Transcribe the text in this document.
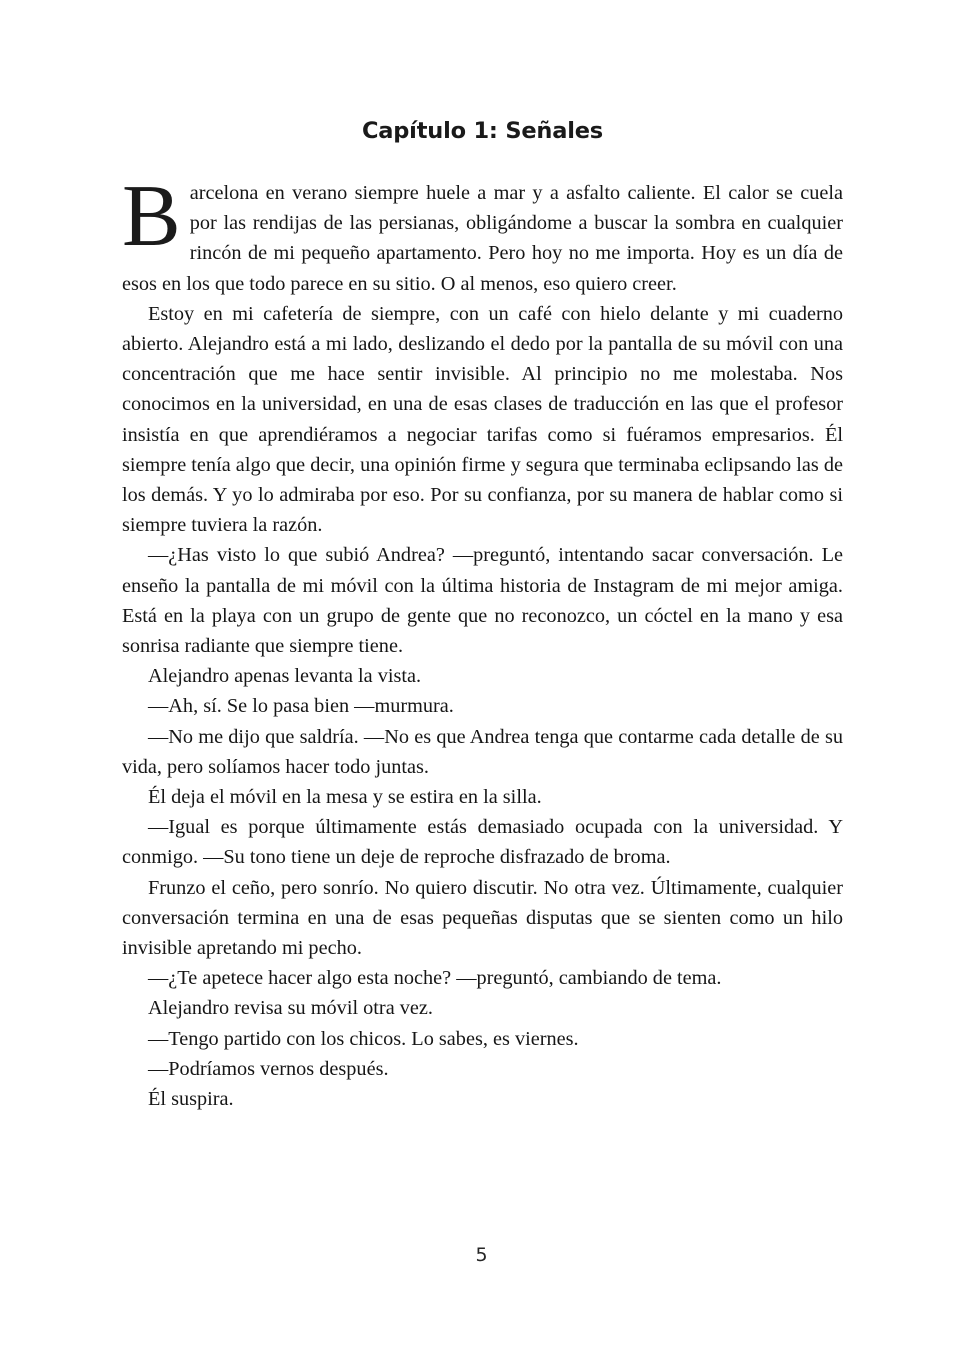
Capítulo 1: Señales

Barcelona en verano siempre huele a mar y a asfalto caliente. El calor se cuela por las rendijas de las persianas, obligándome a buscar la sombra en cualquier rincón de mi pequeño apartamento. Pero hoy no me importa. Hoy es un día de esos en los que todo parece en su sitio. O al menos, eso quiero creer.

Estoy en mi cafetería de siempre, con un café con hielo delante y mi cuaderno abierto. Alejandro está a mi lado, deslizando el dedo por la pantalla de su móvil con una concentración que me hace sentir invisible. Al principio no me molestaba. Nos conocimos en la universidad, en una de esas clases de traducción en las que el profesor insistía en que aprendiéramos a negociar tarifas como si fuéramos empresarios. Él siempre tenía algo que decir, una opinión firme y segura que terminaba eclipsando las de los demás. Y yo lo admiraba por eso. Por su confianza, por su manera de hablar como si siempre tuviera la razón.

—¿Has visto lo que subió Andrea? —preguntó, intentando sacar conversación. Le enseño la pantalla de mi móvil con la última historia de Instagram de mi mejor amiga. Está en la playa con un grupo de gente que no reconozco, un cóctel en la mano y esa sonrisa radiante que siempre tiene.

Alejandro apenas levanta la vista.

—Ah, sí. Se lo pasa bien —murmura.

—No me dijo que saldría. —No es que Andrea tenga que contarme cada detalle de su vida, pero solíamos hacer todo juntas.

Él deja el móvil en la mesa y se estira en la silla.

—Igual es porque últimamente estás demasiado ocupada con la universidad. Y conmigo. —Su tono tiene un deje de reproche disfrazado de broma.

Frunzo el ceño, pero sonrío. No quiero discutir. No otra vez. Últimamente, cualquier conversación termina en una de esas pequeñas disputas que se sienten como un hilo invisible apretando mi pecho.

—¿Te apetece hacer algo esta noche? —preguntó, cambiando de tema.

Alejandro revisa su móvil otra vez.

—Tengo partido con los chicos. Lo sabes, es viernes.

—Podríamos vernos después.

Él suspira.

5
